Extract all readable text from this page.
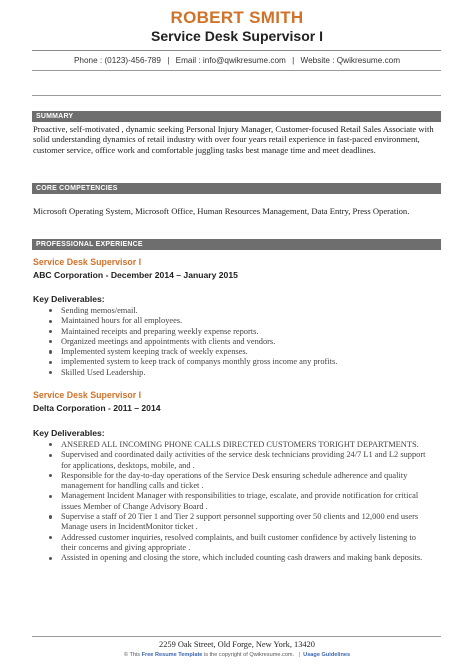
ROBERT SMITH
Service Desk Supervisor I
Phone : (0123)-456-789 | Email : info@qwikresume.com | Website : Qwikresume.com
SUMMARY
Proactive, self-motivated , dynamic seeking Personal Injury Manager, Customer-focused Retail Sales Associate with solid understanding dynamics of retail industry with over four years retail experience in fast-paced environment, customer service, office work and comfortable juggling tasks best manage time and meet deadlines.
CORE COMPETENCIES
Microsoft Operating System, Microsoft Office, Human Resources Management, Data Entry, Press Operation.
PROFESSIONAL EXPERIENCE
Service Desk Supervisor I
ABC Corporation - December 2014 – January 2015
Key Deliverables:
Sending memos/email.
Maintained hours for all employees.
Maintained receipts and preparing weekly expense reports.
Organized meetings and appointments with clients and vendors.
Implemented system keeping track of weekly expenses.
implemented system to keep track of companys monthly gross income any profits.
Skilled Used Leadership.
Service Desk Supervisor I
Delta Corporation - 2011 – 2014
Key Deliverables:
ANSERED ALL INCOMING PHONE CALLS DIRECTED CUSTOMERS TORIGHT DEPARTMENTS.
Supervised and coordinated daily activities of the service desk technicians providing 24/7 L1 and L2 support for applications, desktops, mobile, and .
Responsible for the day-to-day operations of the Service Desk ensuring schedule adherence and quality management for handling calls and ticket .
Management Incident Manager with responsibilities to triage, escalate, and provide notification for critical issues Member of Change Advisory Board .
Supervise a staff of 20 Tier 1 and Tier 2 support personnel supporting over 50 clients and 12,000 end users Manage users in IncidentMonitor ticket .
Addressed customer inquiries, resolved complaints, and built customer confidence by actively listening to their concerns and giving appropriate .
Assisted in opening and closing the store, which included counting cash drawers and making bank deposits.
2259 Oak Street, Old Forge, New York, 13420
© This Free Resume Template is the copyright of Qwikresume.com. | Usage Guidelines
